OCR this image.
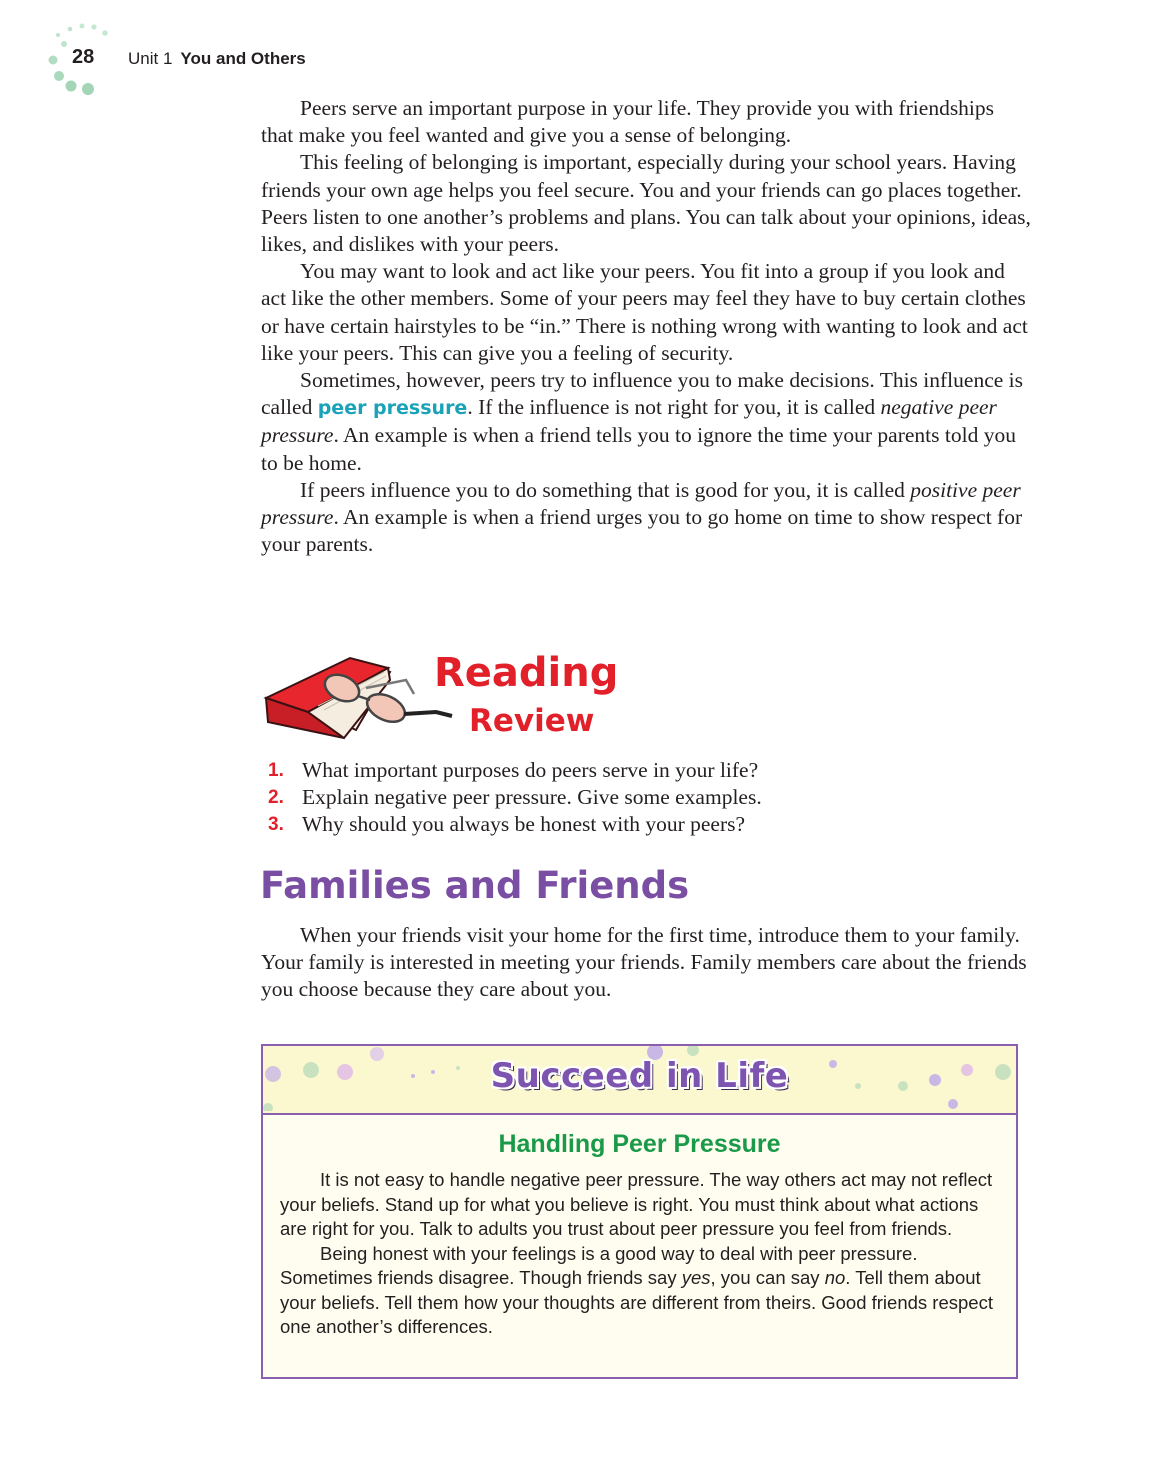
28 Unit 1 You and Others

Peers serve an important purpose in your life. They provide you with friendships that make you feel wanted and give you a sense of belonging.

This feeling of belonging is important, especially during your school years. Having friends your own age helps you feel secure. You and your friends can go places together. Peers listen to one another’s problems and plans. You can talk about your opinions, ideas, likes, and dislikes with your peers.

You may want to look and act like your peers. You fit into a group if you look and act like the other members. Some of your peers may feel they have to buy certain clothes or have certain hairstyles to be “in.” There is nothing wrong with wanting to look and act like your peers. This can give you a feeling of security.

Sometimes, however, peers try to influence you to make decisions. This influence is called peer pressure. If the influence is not right for you, it is called negative peer pressure. An example is when a friend tells you to ignore the time your parents told you to be home.

If peers influence you to do something that is good for you, it is called positive peer pressure. An example is when a friend urges you to go home on time to show respect for your parents.

Reading
Review
1. What important purposes do peers serve in your life?
2. Explain negative peer pressure. Give some examples.
3. Why should you always be honest with your peers?
Families and Friends

When your friends visit your home for the first time, introduce them to your family. Your family is interested in meeting your friends. Family members care about the friends you choose because they care about you.

Succeed in Life
Handling Peer Pressure

It is not easy to handle negative peer pressure. The way others act may not reflect your beliefs. Stand up for what you believe is right. You must think about what actions are right for you. Talk to adults you trust about peer pressure you feel from friends.

Being honest with your feelings is a good way to deal with peer pressure. Sometimes friends disagree. Though friends say yes, you can say no. Tell them about your beliefs. Tell them how your thoughts are different from theirs. Good friends respect one another’s differences.
